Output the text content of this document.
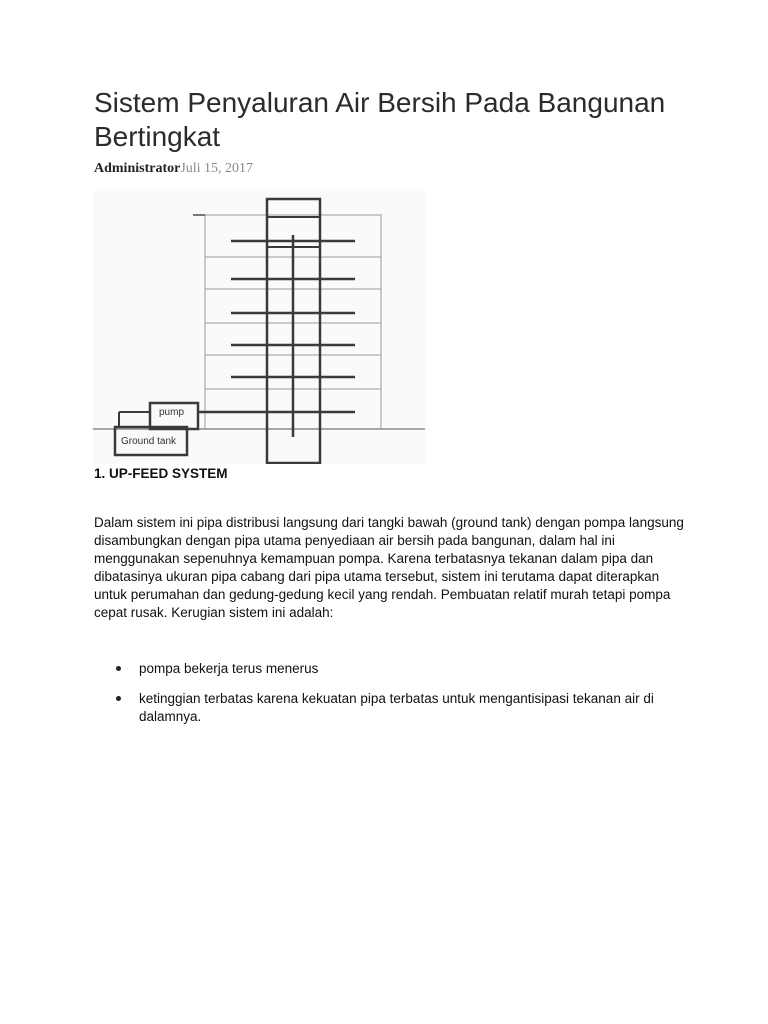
Sistem Penyaluran Air Bersih Pada Bangunan Bertingkat
AdministratorJuli 15, 2017
pump
Ground tank
1. UP-FEED SYSTEM

Dalam sistem ini pipa distribusi langsung dari tangki bawah (ground tank) dengan pompa langsung disambungkan dengan pipa utama penyediaan air bersih pada bangunan, dalam hal ini menggunakan sepenuhnya kemampuan pompa. Karena terbatasnya tekanan dalam pipa dan dibatasinya ukuran pipa cabang dari pipa utama tersebut, sistem ini terutama dapat diterapkan untuk perumahan dan gedung-gedung kecil yang rendah. Pembuatan relatif murah tetapi pompa cepat rusak. Kerugian sistem ini adalah:

pompa bekerja terus menerus
ketinggian terbatas karena kekuatan pipa terbatas untuk mengantisipasi tekanan air di dalamnya.
